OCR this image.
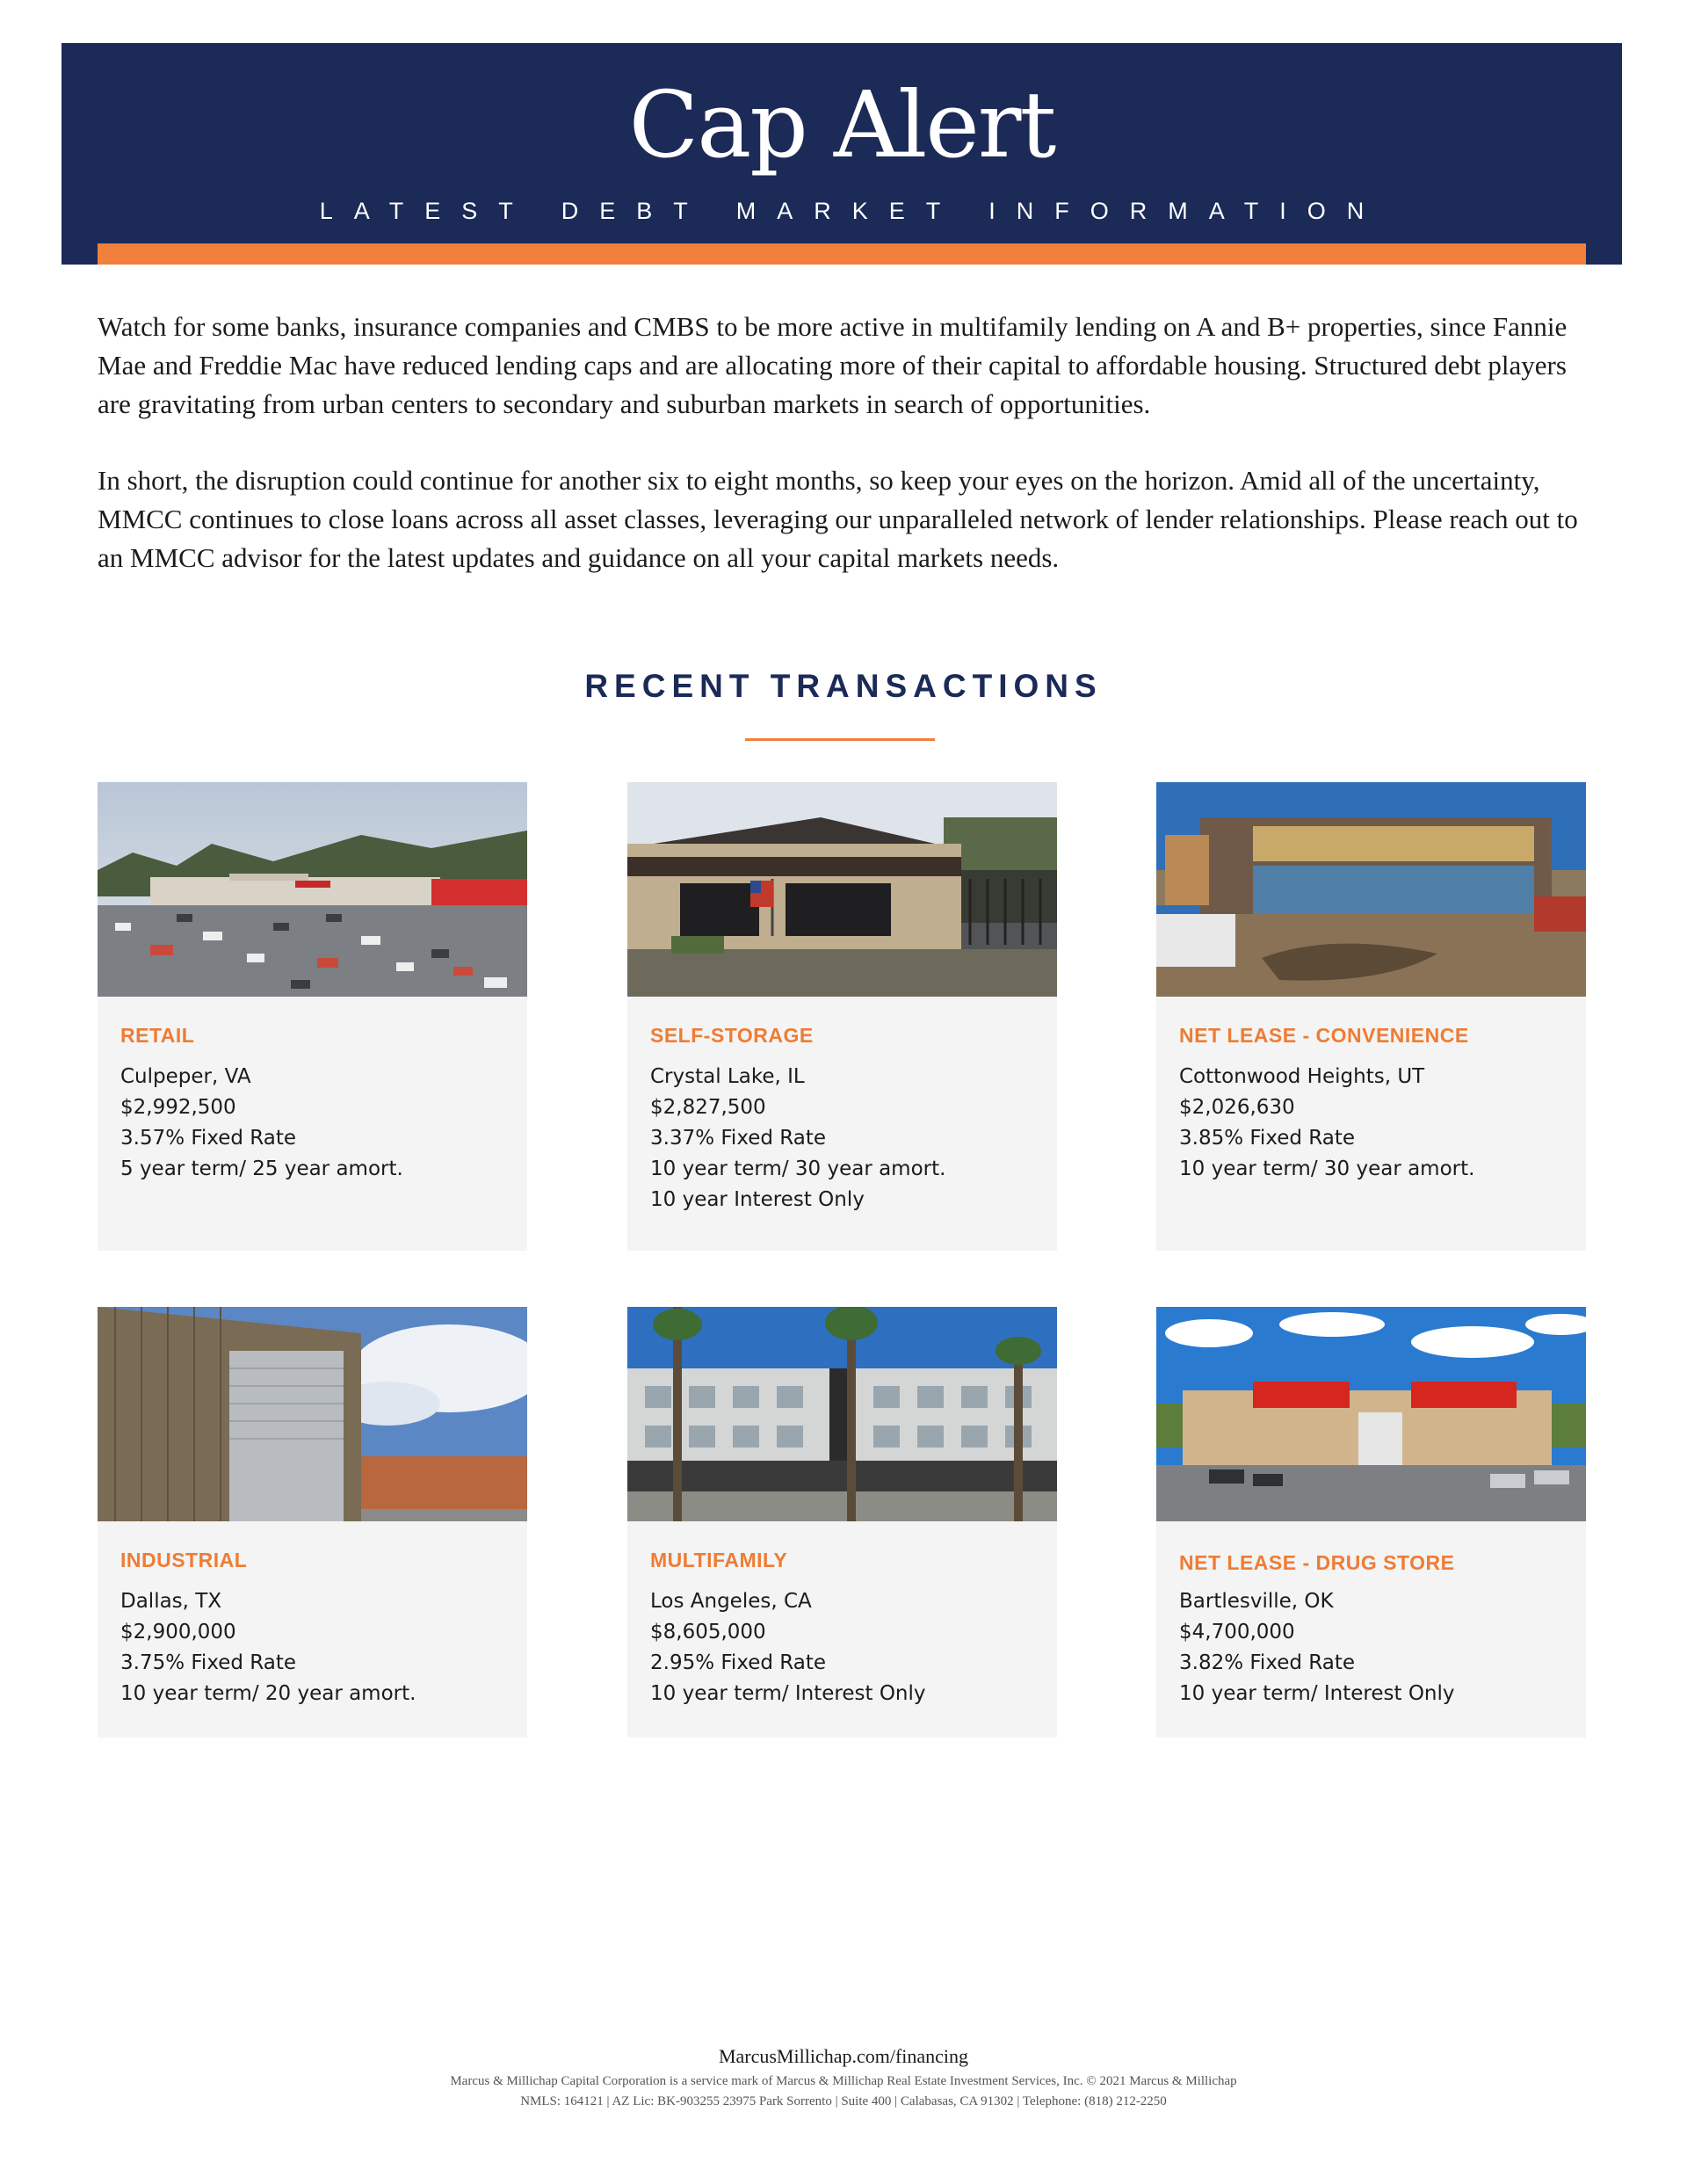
Cap Alert
LATEST DEBT MARKET INFORMATION

Watch for some banks, insurance companies and CMBS to be more active in multifamily lending on A and B+ properties, since Fannie Mae and Freddie Mac have reduced lending caps and are allocating more of their capital to affordable housing. Structured debt players are gravitating from urban centers to secondary and suburban markets in search of opportunities.

In short, the disruption could continue for another six to eight months, so keep your eyes on the horizon. Amid all of the uncertainty, MMCC continues to close loans across all asset classes, leveraging our unparalleled network of lender relationships. Please reach out to an MMCC advisor for the latest updates and guidance on all your capital markets needs.

RECENT TRANSACTIONS
RETAIL
Culpeper, VA
$2,992,500
3.57% Fixed Rate
5 year term/ 25 year amort.
SELF-STORAGE
Crystal Lake, IL
$2,827,500
3.37% Fixed Rate
10 year term/ 30 year amort.
10 year Interest Only
NET LEASE - CONVENIENCE
Cottonwood Heights, UT
$2,026,630
3.85% Fixed Rate
10 year term/ 30 year amort.
INDUSTRIAL
Dallas, TX
$2,900,000
3.75% Fixed Rate
10 year term/ 20 year amort.
MULTIFAMILY
Los Angeles, CA
$8,605,000
2.95% Fixed Rate
10 year term/ Interest Only
NET LEASE - DRUG STORE
Bartlesville, OK
$4,700,000
3.82% Fixed Rate
10 year term/ Interest Only
MarcusMillichap.com/financing
Marcus & Millichap Capital Corporation is a service mark of Marcus & Millichap Real Estate Investment Services, Inc. © 2021 Marcus & Millichap
NMLS: 164121 | AZ Lic: BK-903255 23975 Park Sorrento | Suite 400 | Calabasas, CA 91302 | Telephone: (818) 212-2250
